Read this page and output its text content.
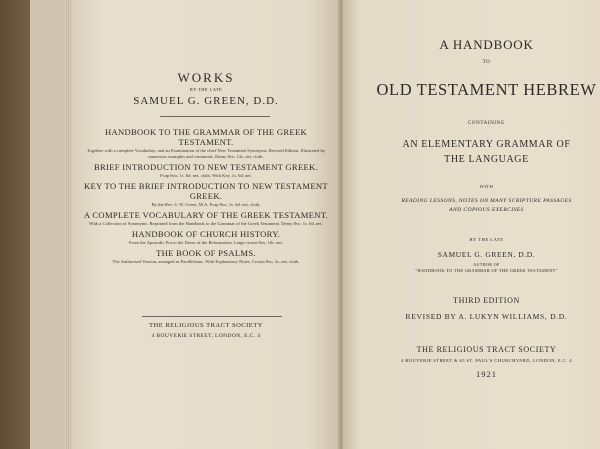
WORKS
BY THE LATE
SAMUEL G. GREEN, D.D.
HANDBOOK TO THE GRAMMAR OF THE GREEK TESTAMENT.
Together with a complete Vocabulary, and an Examination of the chief New Testament Synonyms. Revised Edition. Illustrated by numerous examples and comments. Demy 8vo. 12s. net, cloth.
BRIEF INTRODUCTION TO NEW TESTAMENT GREEK.
Fcap 8vo, 1s. 6d. net, cloth. With Key, 1s. 6d. net.
KEY TO THE BRIEF INTRODUCTION TO NEW TESTAMENT GREEK.
By the Rev. S. W. Green, M.A. Fcap 8vo, 1s. 6d. net, cloth.
A COMPLETE VOCABULARY OF THE GREEK TESTAMENT.
With a Collection of Synonyms. Reprinted from the Handbook to the Grammar of the Greek Testament. Demy 8vo. 1s. 6d. net.
HANDBOOK OF CHURCH HISTORY.
From the Apostolic Era to the Dawn of the Reformation. Large crown 8vo, 10s. net.
THE BOOK OF PSALMS.
The Authorised Version, arranged as Parallelisms. With Explanatory Notes. Crown 8vo, 2s. net, cloth.
THE RELIGIOUS TRACT SOCIETY
4 BOUVERIE STREET, LONDON, E.C. 4
A HANDBOOK
TO
OLD TESTAMENT HEBREW
CONTAINING
AN ELEMENTARY GRAMMAR OF
THE LANGUAGE
WITH
READING LESSONS, NOTES ON MANY SCRIPTURE PASSAGES
AND COPIOUS EXERCISES
BY THE LATE
SAMUEL G. GREEN, D.D.
AUTHOR OF
"HANDBOOK TO THE GRAMMAR OF THE GREEK TESTAMENT"
THIRD EDITION
REVISED BY A. LUKYN WILLIAMS, D.D.
THE RELIGIOUS TRACT SOCIETY
4 BOUVERIE STREET & 65 ST. PAUL'S CHURCHYARD, LONDON, E.C. 4
1921
